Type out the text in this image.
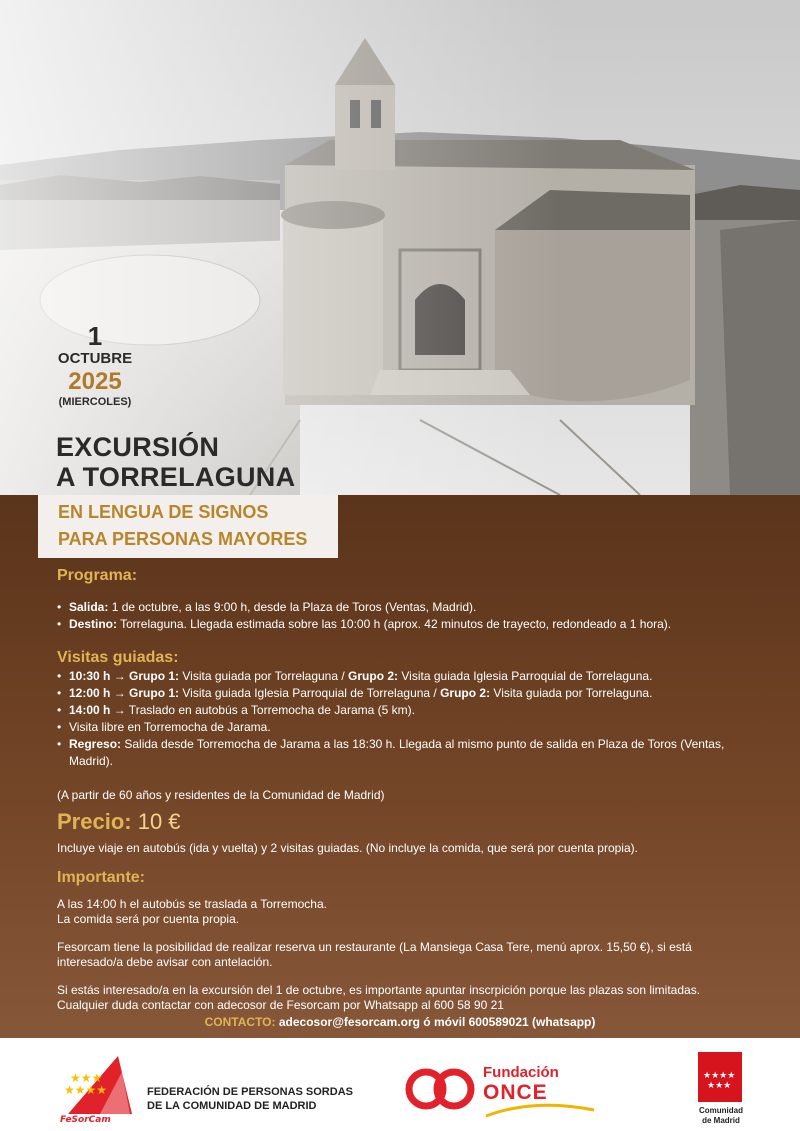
1
OCTUBRE
2025
(MIERCOLES)
EXCURSIÓN
A TORRELAGUNA
EN LENGUA DE SIGNOS
PARA PERSONAS MAYORES
Programa:
• Salida: 1 de octubre, a las 9:00 h, desde la Plaza de Toros (Ventas, Madrid).
• Destino: Torrelaguna. Llegada estimada sobre las 10:00 h (aprox. 42 minutos de trayecto, redondeado a 1 hora).
Visitas guiadas:
• 10:30 h → Grupo 1: Visita guiada por Torrelaguna / Grupo 2: Visita guiada Iglesia Parroquial de Torrelaguna.
• 12:00 h → Grupo 1: Visita guiada Iglesia Parroquial de Torrelaguna / Grupo 2: Visita guiada por Torrelaguna.
• 14:00 h → Traslado en autobús a Torremocha de Jarama (5 km).
• Visita libre en Torremocha de Jarama.
• Regreso: Salida desde Torremocha de Jarama a las 18:30 h. Llegada al mismo punto de salida en Plaza de Toros (Ventas, Madrid).

(A partir de 60 años y residentes de la Comunidad de Madrid)

Precio: 10 €

Incluye viaje en autobús (ida y vuelta) y 2 visitas guiadas. (No incluye la comida, que será por cuenta propia).

Importante:

A las 14:00 h el autobús se traslada a Torremocha.

La comida será por cuenta propia.

Fesorcam tiene la posibilidad de realizar reserva un restaurante (La Mansiega Casa Tere, menú aprox. 15,50 €), si está interesado/a debe avisar con antelación.

Si estás interesado/a en la excursión del 1 de octubre, es importante apuntar inscrpición porque las plazas son limitadas.

Cualquier duda contactar con adecosor de Fesorcam por Whatsapp al 600 58 90 21

CONTACTO: adecosor@fesorcam.org ó móvil 600589021 (whatsapp)
★★★
★★★★
FeSorCam
FEDERACIÓN DE PERSONAS SORDAS
DE LA COMUNIDAD DE MADRID
Fundación
ONCE
★★★★
★★★
Comunidad
de Madrid
